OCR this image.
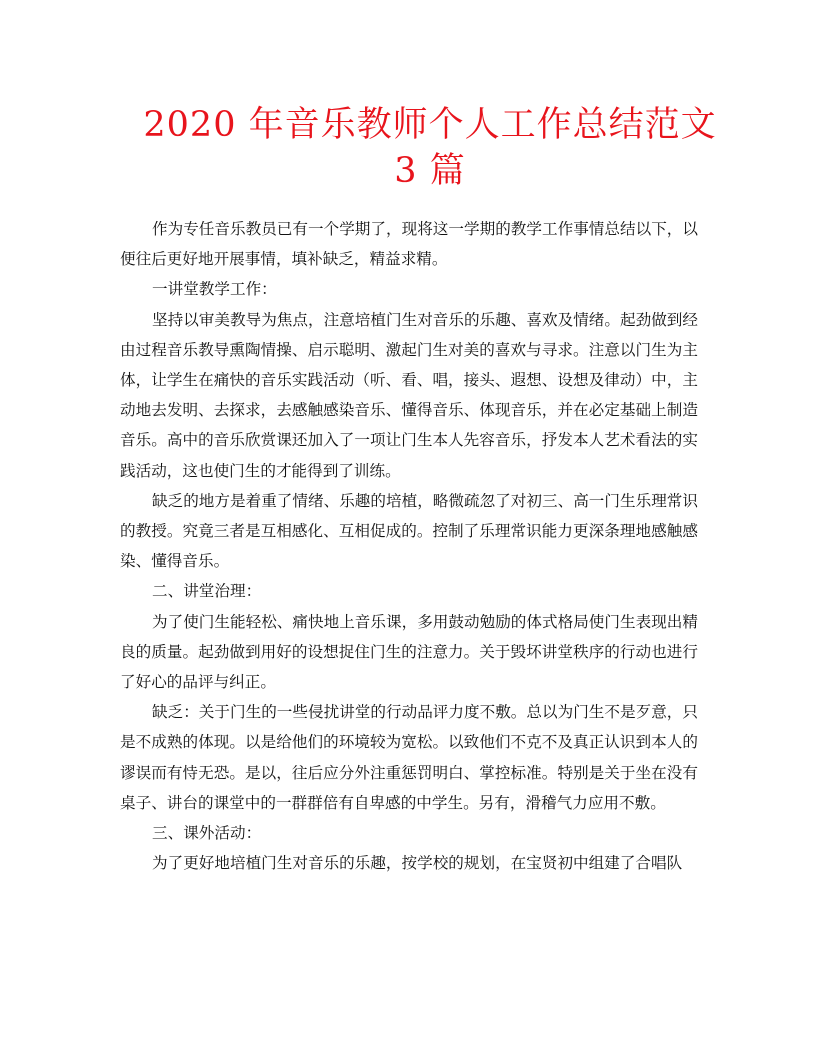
2020 年音乐教师个人工作总结范文
3 篇

作为专任音乐教员已有一个学期了，现将这一学期的教学工作事情总结以下，以便往后更好地开展事情，填补缺乏，精益求精。

一讲堂教学工作：

坚持以审美教导为焦点，注意培植门生对音乐的乐趣、喜欢及情绪。起劲做到经由过程音乐教导熏陶情操、启示聪明、激起门生对美的喜欢与寻求。注意以门生为主体，让学生在痛快的音乐实践活动（听、看、唱，接头、遐想、设想及律动）中，主动地去发明、去探求，去感触感染音乐、懂得音乐、体现音乐，并在必定基础上制造音乐。高中的音乐欣赏课还加入了一项让门生本人先容音乐，抒发本人艺术看法的实践活动，这也使门生的才能得到了训练。

缺乏的地方是着重了情绪、乐趣的培植，略微疏忽了对初三、高一门生乐理常识的教授。究竟三者是互相感化、互相促成的。控制了乐理常识能力更深条理地感触感染、懂得音乐。

二、讲堂治理：

为了使门生能轻松、痛快地上音乐课，多用鼓动勉励的体式格局使门生表现出精良的质量。起劲做到用好的设想捉住门生的注意力。关于毁坏讲堂秩序的行动也进行了好心的品评与纠正。

缺乏：关于门生的一些侵扰讲堂的行动品评力度不敷。总以为门生不是歹意，只是不成熟的体现。以是给他们的环境较为宽松。以致他们不克不及真正认识到本人的谬误而有恃无恐。是以，往后应分外注重惩罚明白、掌控标准。特别是关于坐在没有桌子、讲台的课堂中的一群群倍有自卑感的中学生。另有，滑稽气力应用不敷。

三、课外活动：

为了更好地培植门生对音乐的乐趣，按学校的规划，在宝贤初中组建了合唱队
